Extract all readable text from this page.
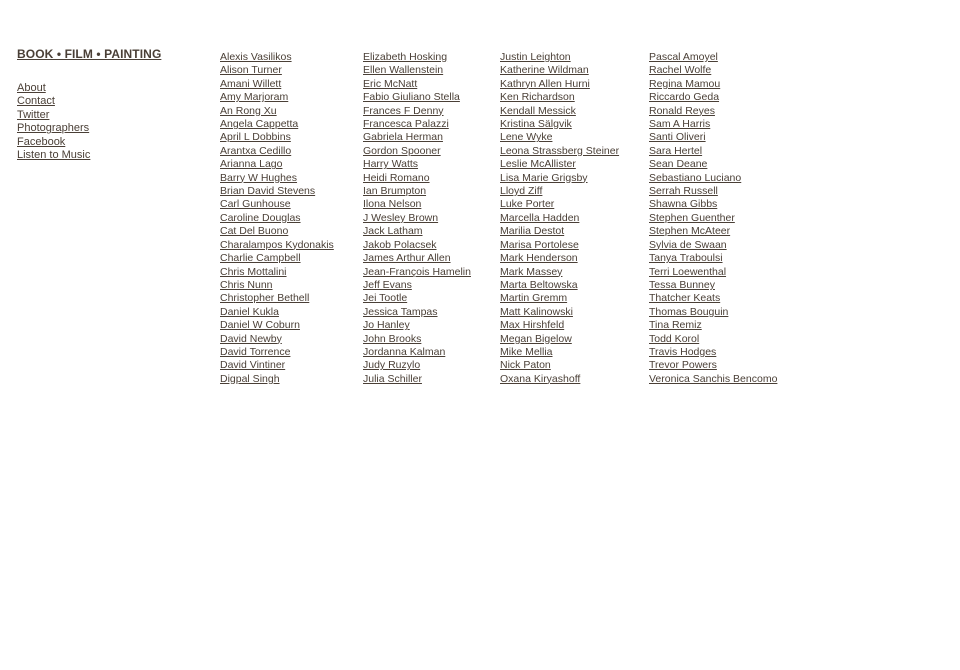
BOOK • FILM • PAINTING
About
Contact
Twitter
Photographers
Facebook
Listen to Music
Alexis Vasilikos
Alison Turner
Amani Willett
Amy Marjoram
An Rong Xu
Angela Cappetta
April L Dobbins
Arantxa Cedillo
Arianna Lago
Barry W Hughes
Brian David Stevens
Carl Gunhouse
Caroline Douglas
Cat Del Buono
Charalampos Kydonakis
Charlie Campbell
Chris Mottalini
Chris Nunn
Christopher Bethell
Daniel Kukla
Daniel W Coburn
David Newby
David Torrence
David Vintiner
Digpal Singh
Elizabeth Hosking
Ellen Wallenstein
Eric McNatt
Fabio Giuliano Stella
Frances F Denny
Francesca Palazzi
Gabriela Herman
Gordon Spooner
Harry Watts
Heidi Romano
Ian Brumpton
Ilona Nelson
J Wesley Brown
Jack Latham
Jakob Polacsek
James Arthur Allen
Jean-François Hamelin
Jeff Evans
Jei Tootle
Jessica Tampas
Jo Hanley
John Brooks
Jordanna Kalman
Judy Ruzylo
Julia Schiller
Justin Leighton
Katherine Wildman
Kathryn Allen Hurni
Ken Richardson
Kendall Messick
Kristina Sälgvik
Lene Wyke
Leona Strassberg Steiner
Leslie McAllister
Lisa Marie Grigsby
Lloyd Ziff
Luke Porter
Marcella Hadden
Marilia Destot
Marisa Portolese
Mark Henderson
Mark Massey
Marta Beltowska
Martin Gremm
Matt Kalinowski
Max Hirshfeld
Megan Bigelow
Mike Mellia
Nick Paton
Oxana Kiryashoff
Pascal Amoyel
Rachel Wolfe
Regina Mamou
Riccardo Geda
Ronald Reyes
Sam A Harris
Santi Oliveri
Sara Hertel
Sean Deane
Sebastiano Luciano
Serrah Russell
Shawna Gibbs
Stephen Guenther
Stephen McAteer
Sylvia de Swaan
Tanya Traboulsi
Terri Loewenthal
Tessa Bunney
Thatcher Keats
Thomas Bouguin
Tina Remiz
Todd Korol
Travis Hodges
Trevor Powers
Veronica Sanchis Bencomo
